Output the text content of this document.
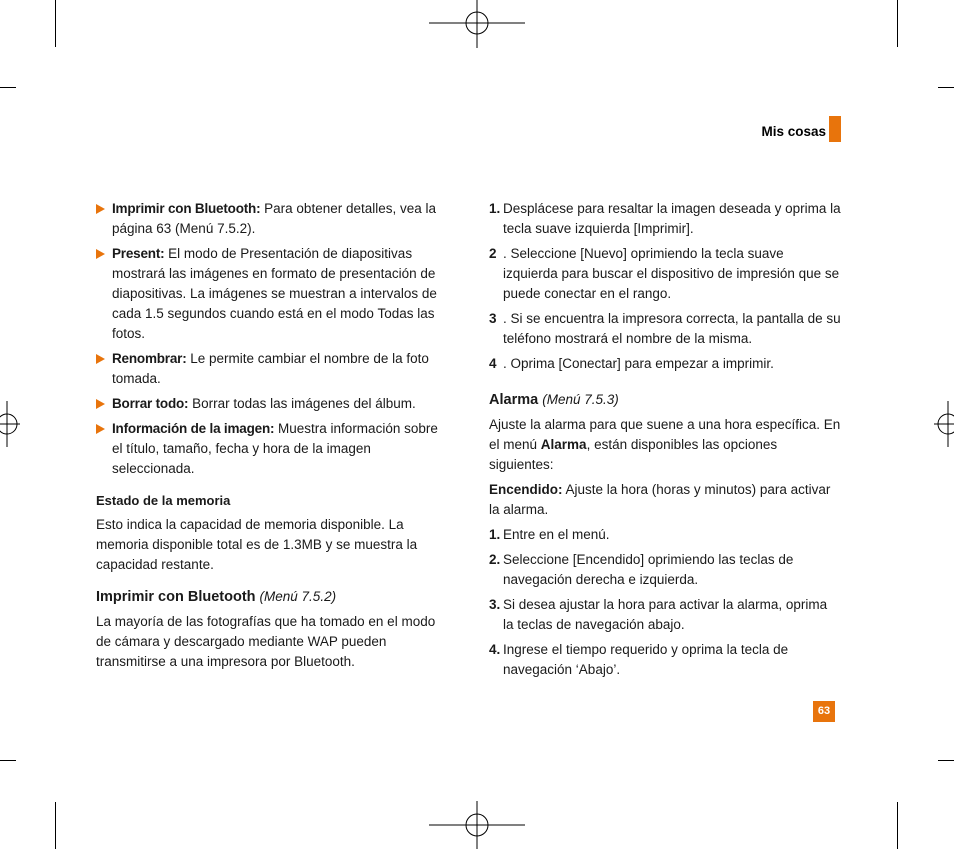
Mis cosas
Imprimir con Bluetooth: Para obtener detalles, vea la página 63 (Menú 7.5.2).
Present: El modo de Presentación de diapositivas mostrará las imágenes en formato de presentación de diapositivas. La imágenes se muestran a intervalos de cada 1.5 segundos cuando está en el modo Todas las fotos.
Renombrar: Le permite cambiar el nombre de la foto tomada.
Borrar todo: Borrar todas las imágenes del álbum.
Información de la imagen: Muestra información sobre el título, tamaño, fecha y hora de la imagen seleccionada.
Estado de la memoria

Esto indica la capacidad de memoria disponible. La memoria disponible total es de 1.3MB y se muestra la capacidad restante.

Imprimir con Bluetooth (Menú 7.5.2)

La mayoría de las fotografías que ha tomado en el modo de cámara y descargado mediante WAP pueden transmitirse a una impresora por Bluetooth.

1. Desplácese para resaltar la imagen deseada y oprima la tecla suave izquierda [Imprimir].
2 . Seleccione [Nuevo] oprimiendo la tecla suave izquierda para buscar el dispositivo de impresión que se puede conectar en el rango.
3 . Si se encuentra la impresora correcta, la pantalla de su teléfono mostrará el nombre de la misma.
4 . Oprima [Conectar] para empezar a imprimir.
Alarma (Menú 7.5.3)

Ajuste la alarma para que suene a una hora específica. En el menú Alarma, están disponibles las opciones siguientes:

Encendido: Ajuste la hora (horas y minutos) para activar la alarma.

1. Entre en el menú.
2. Seleccione [Encendido] oprimiendo las teclas de navegación derecha e izquierda.
3. Si desea ajustar la hora para activar la alarma, oprima la teclas de navegación abajo.
4. Ingrese el tiempo requerido y oprima la tecla de navegación ‘Abajo’.
63
